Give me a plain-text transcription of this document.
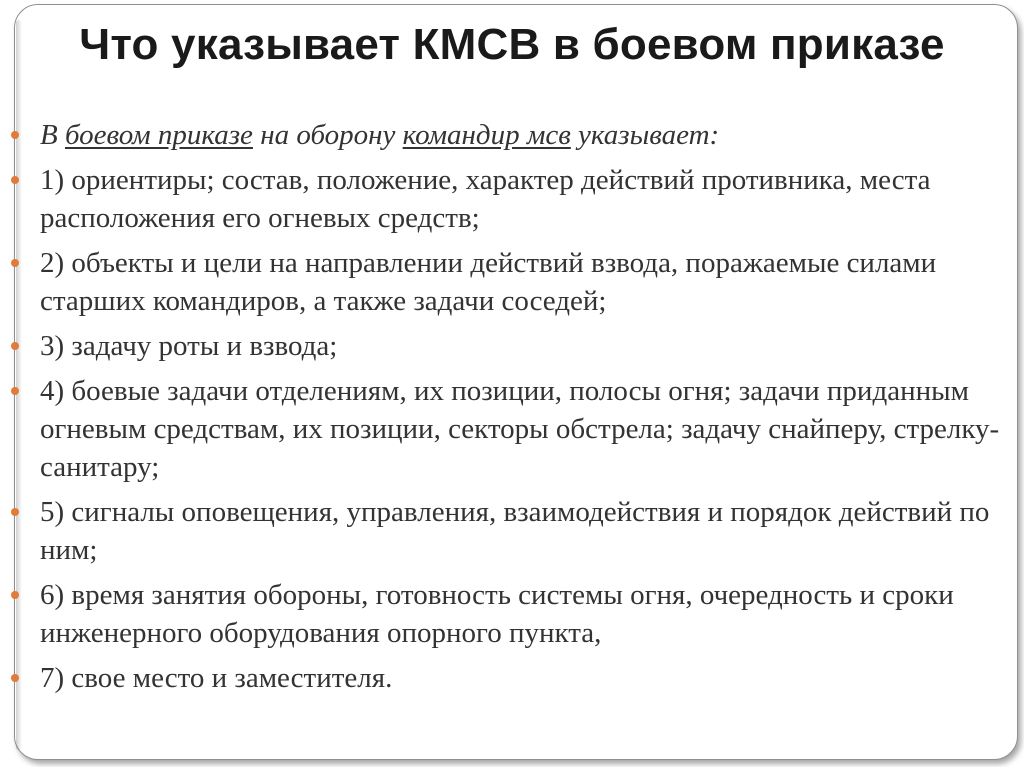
Что указывает КМСВ в боевом приказе
В боевом приказе на оборону командир мсв указывает:
1) ориентиры; состав, положение, характер действий противника, места расположения его огневых средств;
2) объекты и цели на направлении действий взвода, поражаемые силами старших командиров, а также задачи соседей;
3) задачу роты и взвода;
4) боевые задачи отделениям, их позиции, полосы огня; задачи приданным огневым средствам, их позиции, секторы обстрела; задачу снайперу, стрелку-санитару;
5) сигналы оповещения, управления, взаимодействия и порядок действий по ним;
6) время занятия обороны, готовность системы огня, очередность и сроки инженерного оборудования опорного пункта,
7) свое место и заместителя.
